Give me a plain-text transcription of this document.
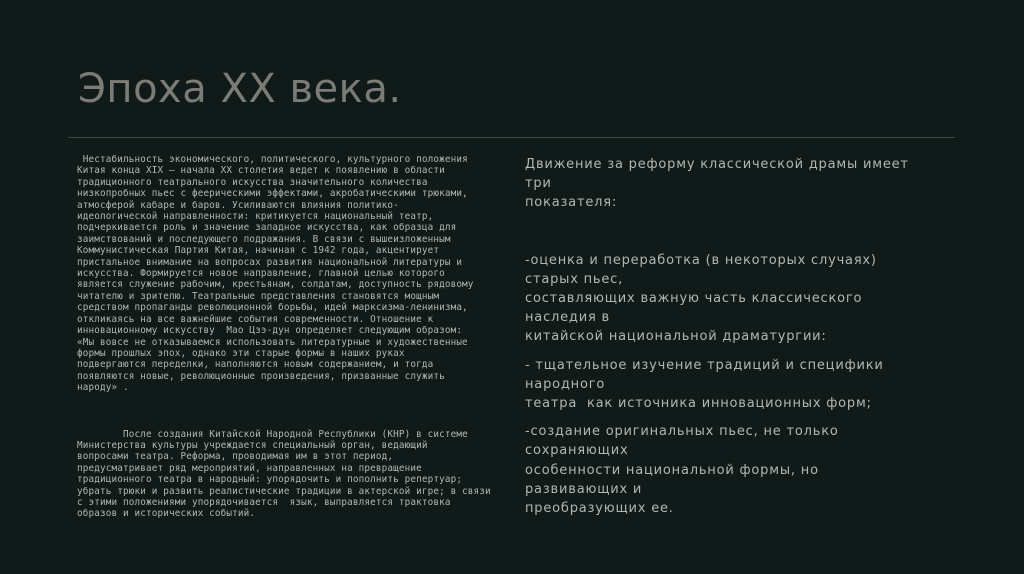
Эпоха XX века.

Нестабильность экономического, политического, культурного положения
Китая конца XIX – начала XX столетия ведет к появлению в области
традиционного театрального искусства значительного количества
низкопробных пьес с феерическими эффектами, акробатическими трюками,
атмосферой кабаре и баров. Усиливаются влияния политико-
идеологической направленности: критикуется национальный театр,
подчеркивается роль и значение западное искусства, как образца для
заимствований и последующего подражания. В связи с вышеизложенным
Коммунистическая Партия Китая, начиная с 1942 года, акцентирует
пристальное внимание на вопросах развития национальной литературы и
искусства. Формируется новое направление, главной целью которого
является служение рабочим, крестьянам, солдатам, доступность рядовому
читателю и зрителю. Театральные представления становятся мощным
средством пропаганды революционной борьбы, идей марксизма-ленинизма,
откликаясь на все важнейшие события современности. Отношение к
инновационному искусству  Мао Цзэ-дун определяет следующим образом:
«Мы вовсе не отказываемся использовать литературные и художественные
формы прошлых эпох, однако эти старые формы в наших руках
подвергаются переделки, наполняются новым содержанием, и тогда
появляются новые, революционные произведения, призванные служить
народу» .

После создания Китайской Народной Республики (КНР) в системе
Министерства культуры учреждается специальный орган, ведающий
вопросами театра. Реформа, проводимая им в этот период,
предусматривает ряд мероприятий, направленных на превращение
традиционного театра в народный: упорядочить и пополнить репертуар;
убрать трюки и развить реалистические традиции в актерской игре; в связи
с этими положениями упорядочивается  язык, выправляется трактовка
образов и исторических событий.

Движение за реформу классической драмы имеет три
показателя:

-оценка и переработка (в некоторых случаях) старых пьес,
составляющих важную часть классического наследия в
китайской национальной драматургии:

- тщательное изучение традиций и специфики народного
театра  как источника инновационных форм;

-создание оригинальных пьес, не только сохраняющих
особенности национальной формы, но развивающих и
преобразующих ее.
